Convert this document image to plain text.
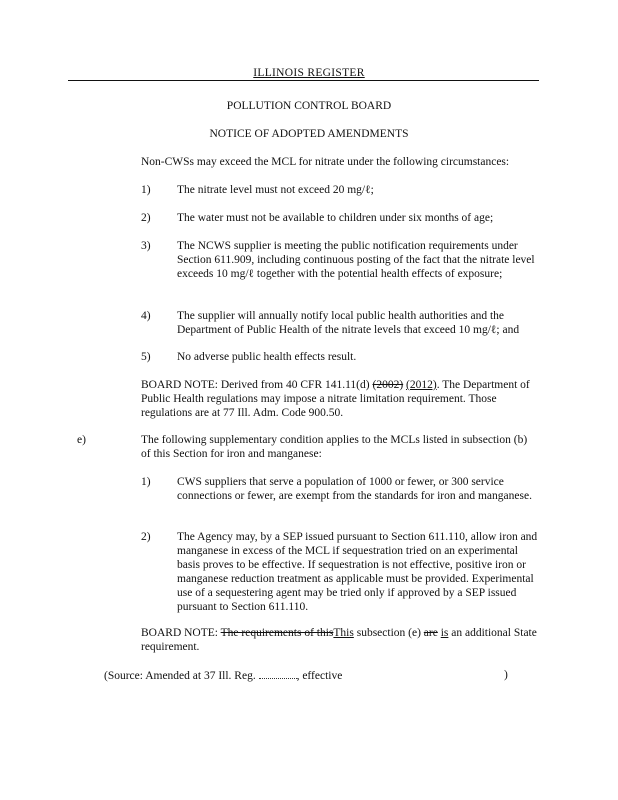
ILLINOIS REGISTER
POLLUTION CONTROL BOARD
NOTICE OF ADOPTED AMENDMENTS
Non-CWSs may exceed the MCL for nitrate under the following circumstances:
1) The nitrate level must not exceed 20 mg/ℓ;
2) The water must not be available to children under six months of age;
3) The NCWS supplier is meeting the public notification requirements under Section 611.909, including continuous posting of the fact that the nitrate level exceeds 10 mg/ℓ together with the potential health effects of exposure;
4) The supplier will annually notify local public health authorities and the Department of Public Health of the nitrate levels that exceed 10 mg/ℓ; and
5) No adverse public health effects result.
BOARD NOTE: Derived from 40 CFR 141.11(d) (2002) (2012). The Department of Public Health regulations may impose a nitrate limitation requirement. Those regulations are at 77 Ill. Adm. Code 900.50.
e)	The following supplementary condition applies to the MCLs listed in subsection (b) of this Section for iron and manganese:
1) CWS suppliers that serve a population of 1000 or fewer, or 300 service connections or fewer, are exempt from the standards for iron and manganese.
2) The Agency may, by a SEP issued pursuant to Section 611.110, allow iron and manganese in excess of the MCL if sequestration tried on an experimental basis proves to be effective. If sequestration is not effective, positive iron or manganese reduction treatment as applicable must be provided. Experimental use of a sequestering agent may be tried only if approved by a SEP issued pursuant to Section 611.110.
BOARD NOTE: The requirements of thisThis subsection (e) are is an additional State requirement.
(Source: Amended at 37 Ill. Reg.	, effective	)
